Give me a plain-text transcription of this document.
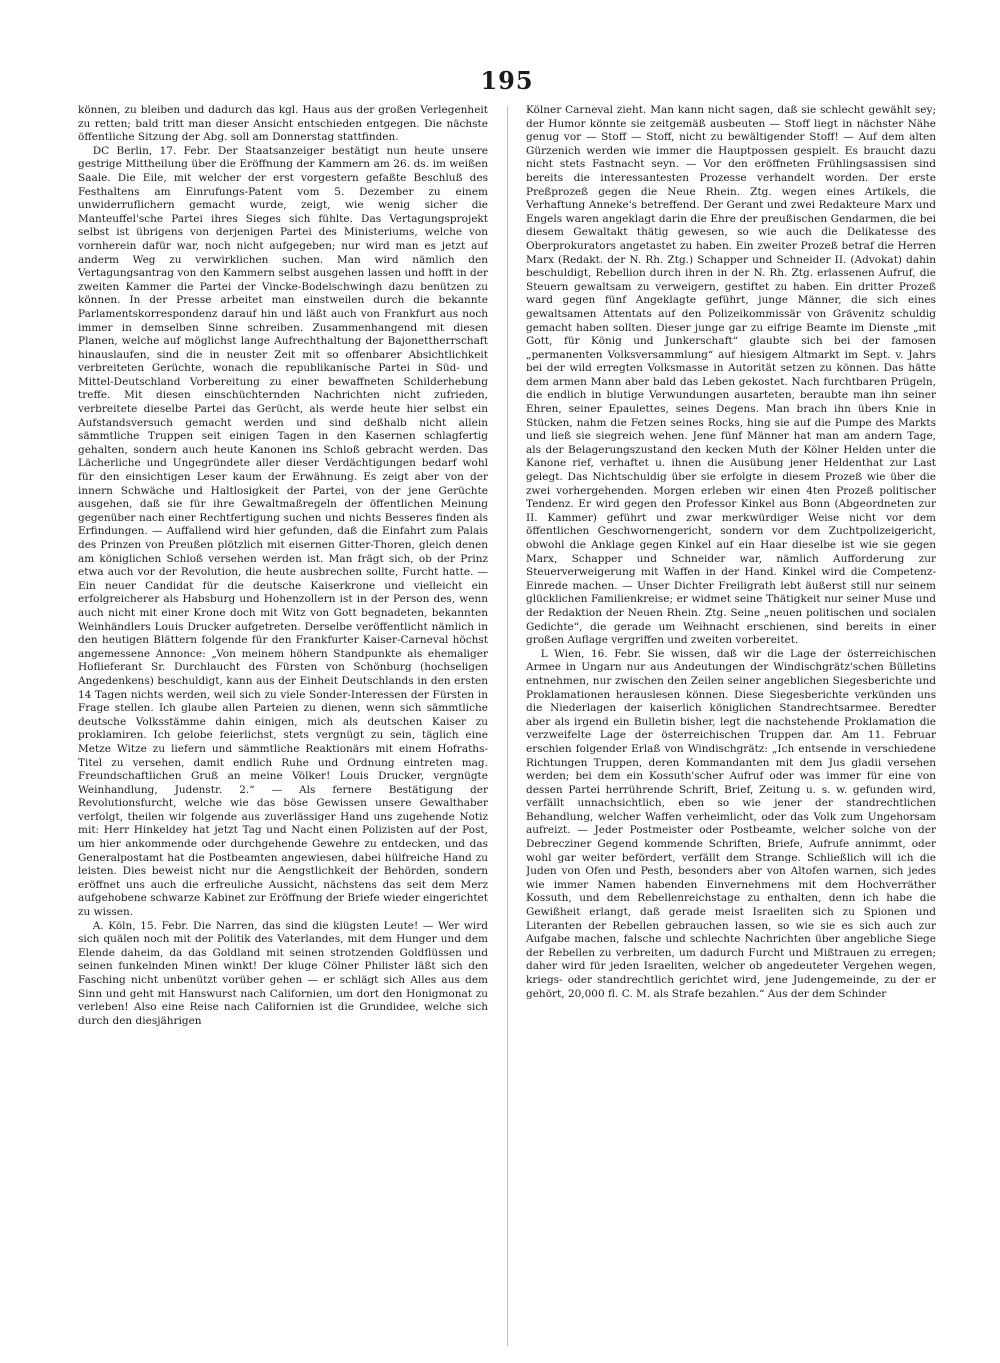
195

können, zu bleiben und dadurch das kgl. Haus aus der großen Verlegenheit zu retten; bald tritt man dieser Ansicht entschieden entgegen. Die nächste öffentliche Sitzung der Abg. soll am Donnerstag stattfinden.

DC Berlin, 17. Febr. Der Staatsanzeiger bestätigt nun heute unsere gestrige Mittheilung über die Eröffnung der Kammern am 26. ds. im weißen Saale. Die Eile, mit welcher der erst vorgestern gefaßte Beschluß des Festhaltens am Einrufungs-Patent vom 5. Dezember zu einem unwiderruflichern gemacht wurde, zeigt, wie wenig sicher die Manteuffel'sche Partei ihres Sieges sich fühlte. Das Vertagungsprojekt selbst ist übrigens von derjenigen Partei des Ministeriums, welche von vornherein dafür war, noch nicht aufgegeben; nur wird man es jetzt auf anderm Weg zu verwirklichen suchen. Man wird nämlich den Vertagungsantrag von den Kammern selbst ausgehen lassen und hofft in der zweiten Kammer die Partei der Vincke-Bodelschwingh dazu benützen zu können. In der Presse arbeitet man einstweilen durch die bekannte Parlamentskorrespondenz darauf hin und läßt auch von Frankfurt aus noch immer in demselben Sinne schreiben. Zusammenhangend mit diesen Planen, welche auf möglichst lange Aufrechthaltung der Bajonettherrschaft hinauslaufen, sind die in neuster Zeit mit so offenbarer Absichtlichkeit verbreiteten Gerüchte, wonach die republikanische Partei in Süd- und Mittel-Deutschland Vorbereitung zu einer bewaffneten Schilderhebung treffe. Mit diesen einschüchternden Nachrichten nicht zufrieden, verbreitete dieselbe Partei das Gerücht, als werde heute hier selbst ein Aufstandsversuch gemacht werden und sind deßhalb nicht allein sämmtliche Truppen seit einigen Tagen in den Kasernen schlagfertig gehalten, sondern auch heute Kanonen ins Schloß gebracht werden. Das Lächerliche und Ungegründete aller dieser Verdächtigungen bedarf wohl für den einsichtigen Leser kaum der Erwähnung. Es zeigt aber von der innern Schwäche und Haltlosigkeit der Partei, von der jene Gerüchte ausgehen, daß sie für ihre Gewaltmaßregeln der öffentlichen Meinung gegenüber nach einer Rechtfertigung suchen und nichts Besseres finden als Erfindungen. — Auffallend wird hier gefunden, daß die Einfahrt zum Palais des Prinzen von Preußen plötzlich mit eisernen Gitter-Thoren, gleich denen am königlichen Schloß versehen werden ist. Man frägt sich, ob der Prinz etwa auch vor der Revolution, die heute ausbrechen sollte, Furcht hatte. — Ein neuer Candidat für die deutsche Kaiserkrone und vielleicht ein erfolgreicherer als Habsburg und Hohenzollern ist in der Person des, wenn auch nicht mit einer Krone doch mit Witz von Gott begnadeten, bekannten Weinhändlers Louis Drucker aufgetreten. Derselbe veröffentlicht nämlich in den heutigen Blättern folgende für den Frankfurter Kaiser-Carneval höchst angemessene Annonce: „Von meinem höhern Standpunkte als ehemaliger Hoflieferant Sr. Durchlaucht des Fürsten von Schönburg (hochseligen Angedenkens) beschuldigt, kann aus der Einheit Deutschlands in den ersten 14 Tagen nichts werden, weil sich zu viele Sonder-Interessen der Fürsten in Frage stellen. Ich glaube allen Parteien zu dienen, wenn sich sämmtliche deutsche Volksstämme dahin einigen, mich als deutschen Kaiser zu proklamiren. Ich gelobe feierlichst, stets vergnügt zu sein, täglich eine Metze Witze zu liefern und sämmtliche Reaktionärs mit einem Hofraths-Titel zu versehen, damit endlich Ruhe und Ordnung eintreten mag. Freundschaftlichen Gruß an meine Völker! Louis Drucker, vergnügte Weinhandlung, Judenstr. 2.“ — Als fernere Bestätigung der Revolutionsfurcht, welche wie das böse Gewissen unsere Gewalthaber verfolgt, theilen wir folgende aus zuverlässiger Hand uns zugehende Notiz mit: Herr Hinkeldey hat jetzt Tag und Nacht einen Polizisten auf der Post, um hier ankommende oder durchgehende Gewehre zu entdecken, und das Generalpostamt hat die Postbeamten angewiesen, dabei hülfreiche Hand zu leisten. Dies beweist nicht nur die Aengstlichkeit der Behörden, sondern eröffnet uns auch die erfreuliche Aussicht, nächstens das seit dem Merz aufgehobene schwarze Kabinet zur Eröffnung der Briefe wieder eingerichtet zu wissen.

A. Köln, 15. Febr. Die Narren, das sind die klügsten Leute! — Wer wird sich quälen noch mit der Politik des Vaterlandes, mit dem Hunger und dem Elende daheim, da das Goldland mit seinen strotzenden Goldflüssen und seinen funkelnden Minen winkt! Der kluge Cölner Philister läßt sich den Fasching nicht unbenützt vorüber gehen — er schlägt sich Alles aus dem Sinn und geht mit Hanswurst nach Californien, um dort den Honigmonat zu verleben! Also eine Reise nach Californien ist die Grundidee, welche sich durch den diesjährigen

Kölner Carneval zieht. Man kann nicht sagen, daß sie schlecht gewählt sey; der Humor könnte sie zeitgemäß ausbeuten — Stoff liegt in nächster Nähe genug vor — Stoff — Stoff, nicht zu bewältigender Stoff! — Auf dem alten Gürzenich werden wie immer die Hauptpossen gespielt. Es braucht dazu nicht stets Fastnacht seyn. — Vor den eröffneten Frühlingsassisen sind bereits die interessantesten Prozesse verhandelt worden. Der erste Preßprozeß gegen die Neue Rhein. Ztg. wegen eines Artikels, die Verhaftung Anneke's betreffend. Der Gerant und zwei Redakteure Marx und Engels waren angeklagt darin die Ehre der preußischen Gendarmen, die bei diesem Gewaltakt thätig gewesen, so wie auch die Delikatesse des Oberprokurators angetastet zu haben. Ein zweiter Prozeß betraf die Herren Marx (Redakt. der N. Rh. Ztg.) Schapper und Schneider II. (Advokat) dahin beschuldigt, Rebellion durch ihren in der N. Rh. Ztg. erlassenen Aufruf, die Steuern gewaltsam zu verweigern, gestiftet zu haben. Ein dritter Prozeß ward gegen fünf Angeklagte geführt, junge Männer, die sich eines gewaltsamen Attentats auf den Polizeikommissär von Grävenitz schuldig gemacht haben sollten. Dieser junge gar zu eifrige Beamte im Dienste „mit Gott, für König und Junkerschaft“ glaubte sich bei der famosen „permanenten Volksversammlung“ auf hiesigem Altmarkt im Sept. v. Jahrs bei der wild erregten Volksmasse in Autorität setzen zu können. Das hätte dem armen Mann aber bald das Leben gekostet. Nach furchtbaren Prügeln, die endlich in blutige Verwundungen ausarteten, beraubte man ihn seiner Ehren, seiner Epaulettes, seines Degens. Man brach ihn übers Knie in Stücken, nahm die Fetzen seines Rocks, hing sie auf die Pumpe des Markts und ließ sie siegreich wehen. Jene fünf Männer hat man am andern Tage, als der Belagerungszustand den kecken Muth der Kölner Helden unter die Kanone rief, verhaftet u. ihnen die Ausübung jener Heldenthat zur Last gelegt. Das Nichtschuldig über sie erfolgte in diesem Prozeß wie über die zwei vorhergehenden. Morgen erleben wir einen 4ten Prozeß politischer Tendenz. Er wird gegen den Professor Kinkel aus Bonn (Abgeordneten zur II. Kammer) geführt und zwar merkwürdiger Weise nicht vor dem öffentlichen Geschwornengericht, sondern vor dem Zuchtpolizeigericht, obwohl die Anklage gegen Kinkel auf ein Haar dieselbe ist wie sie gegen Marx, Schapper und Schneider war, nämlich Aufforderung zur Steuerverweigerung mit Waffen in der Hand. Kinkel wird die Competenz-Einrede machen. — Unser Dichter Freiligrath lebt äußerst still nur seinem glücklichen Familienkreise; er widmet seine Thätigkeit nur seiner Muse und der Redaktion der Neuen Rhein. Ztg. Seine „neuen politischen und socialen Gedichte“, die gerade um Weihnacht erschienen, sind bereits in einer großen Auflage vergriffen und zweiten vorbereitet.

L Wien, 16. Febr. Sie wissen, daß wir die Lage der österreichischen Armee in Ungarn nur aus Andeutungen der Windischgrätz'schen Bülletins entnehmen, nur zwischen den Zeilen seiner angeblichen Siegesberichte und Proklamationen herauslesen können. Diese Siegesberichte verkünden uns die Niederlagen der kaiserlich königlichen Standrechtsarmee. Beredter aber als irgend ein Bulletin bisher, legt die nachstehende Proklamation die verzweifelte Lage der österreichischen Truppen dar. Am 11. Februar erschien folgender Erlaß von Windischgrätz: „Ich entsende in verschiedene Richtungen Truppen, deren Kommandanten mit dem Jus gladii versehen werden; bei dem ein Kossuth'scher Aufruf oder was immer für eine von dessen Partei herrührende Schrift, Brief, Zeitung u. s. w. gefunden wird, verfällt unnachsichtlich, eben so wie jener der standrechtlichen Behandlung, welcher Waffen verheimlicht, oder das Volk zum Ungehorsam aufreizt. — Jeder Postmeister oder Postbeamte, welcher solche von der Debrecziner Gegend kommende Schriften, Briefe, Aufrufe annimmt, oder wohl gar weiter befördert, verfällt dem Strange. Schließlich will ich die Juden von Ofen und Pesth, besonders aber von Altofen warnen, sich jedes wie immer Namen habenden Einvernehmens mit dem Hochverräther Kossuth, und dem Rebellenreichstage zu enthalten, denn ich habe die Gewißheit erlangt, daß gerade meist Israeliten sich zu Spionen und Literanten der Rebellen gebrauchen lassen, so wie sie es sich auch zur Aufgabe machen, falsche und schlechte Nachrichten über angebliche Siege der Rebellen zu verbreiten, um dadurch Furcht und Mißtrauen zu erregen; daher wird für jeden Israeliten, welcher ob angedeuteter Vergehen wegen, kriegs- oder standrechtlich gerichtet wird, jene Judengemeinde, zu der er gehört, 20,000 fl. C. M. als Strafe bezahlen.“ Aus der dem Schinder
